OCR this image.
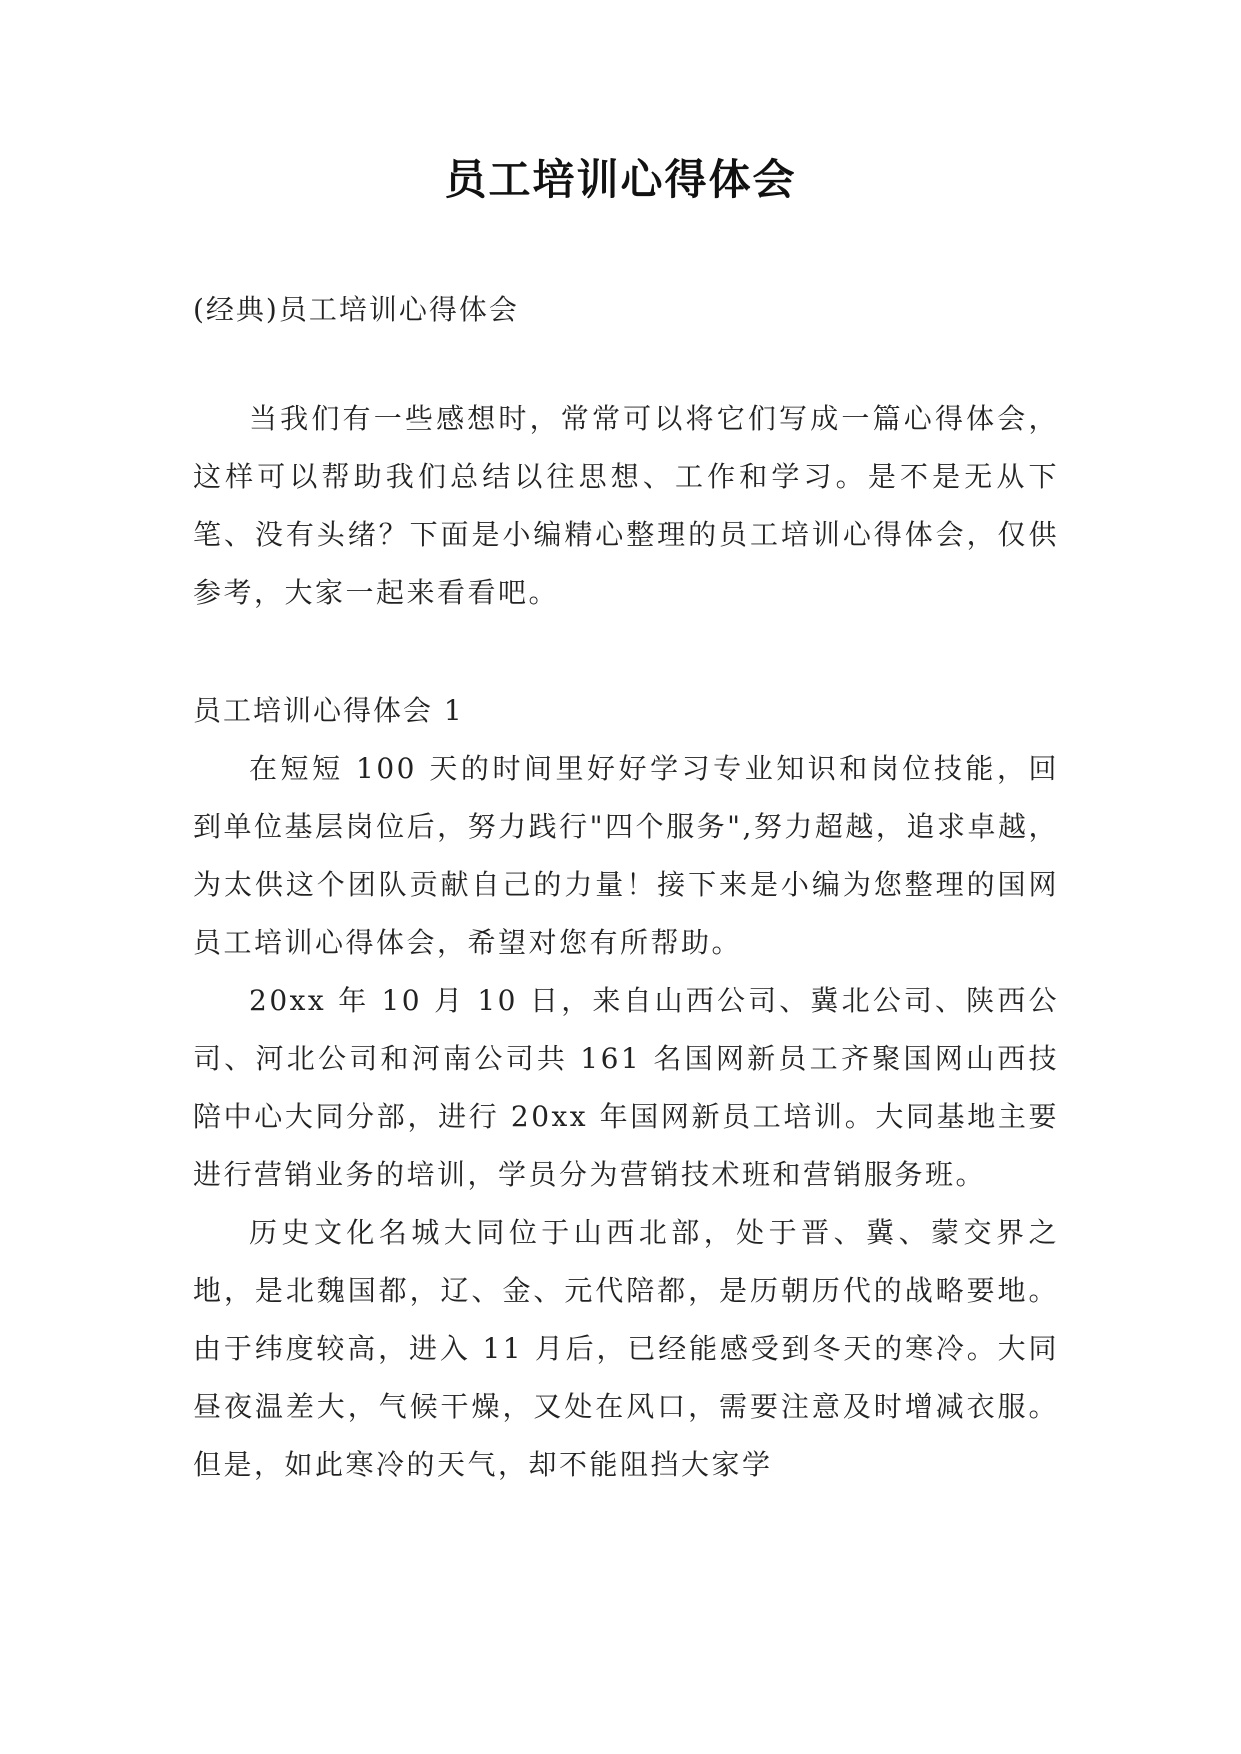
员工培训心得体会

(经典)员工培训心得体会

当我们有一些感想时，常常可以将它们写成一篇心得体会，这样可以帮助我们总结以往思想、工作和学习。是不是无从下笔、没有头绪？下面是小编精心整理的员工培训心得体会，仅供参考，大家一起来看看吧。

员工培训心得体会 1

在短短 100 天的时间里好好学习专业知识和岗位技能，回到单位基层岗位后，努力践行"四个服务",努力超越，追求卓越，为太供这个团队贡献自己的力量！接下来是小编为您整理的国网员工培训心得体会，希望对您有所帮助。

20xx 年 10 月 10 日，来自山西公司、冀北公司、陕西公司、河北公司和河南公司共 161 名国网新员工齐聚国网山西技陪中心大同分部，进行 20xx 年国网新员工培训。大同基地主要进行营销业务的培训，学员分为营销技术班和营销服务班。

历史文化名城大同位于山西北部，处于晋、冀、蒙交界之地，是北魏国都，辽、金、元代陪都，是历朝历代的战略要地。由于纬度较高，进入 11 月后，已经能感受到冬天的寒冷。大同昼夜温差大，气候干燥，又处在风口，需要注意及时增减衣服。但是，如此寒冷的天气，却不能阻挡大家学
